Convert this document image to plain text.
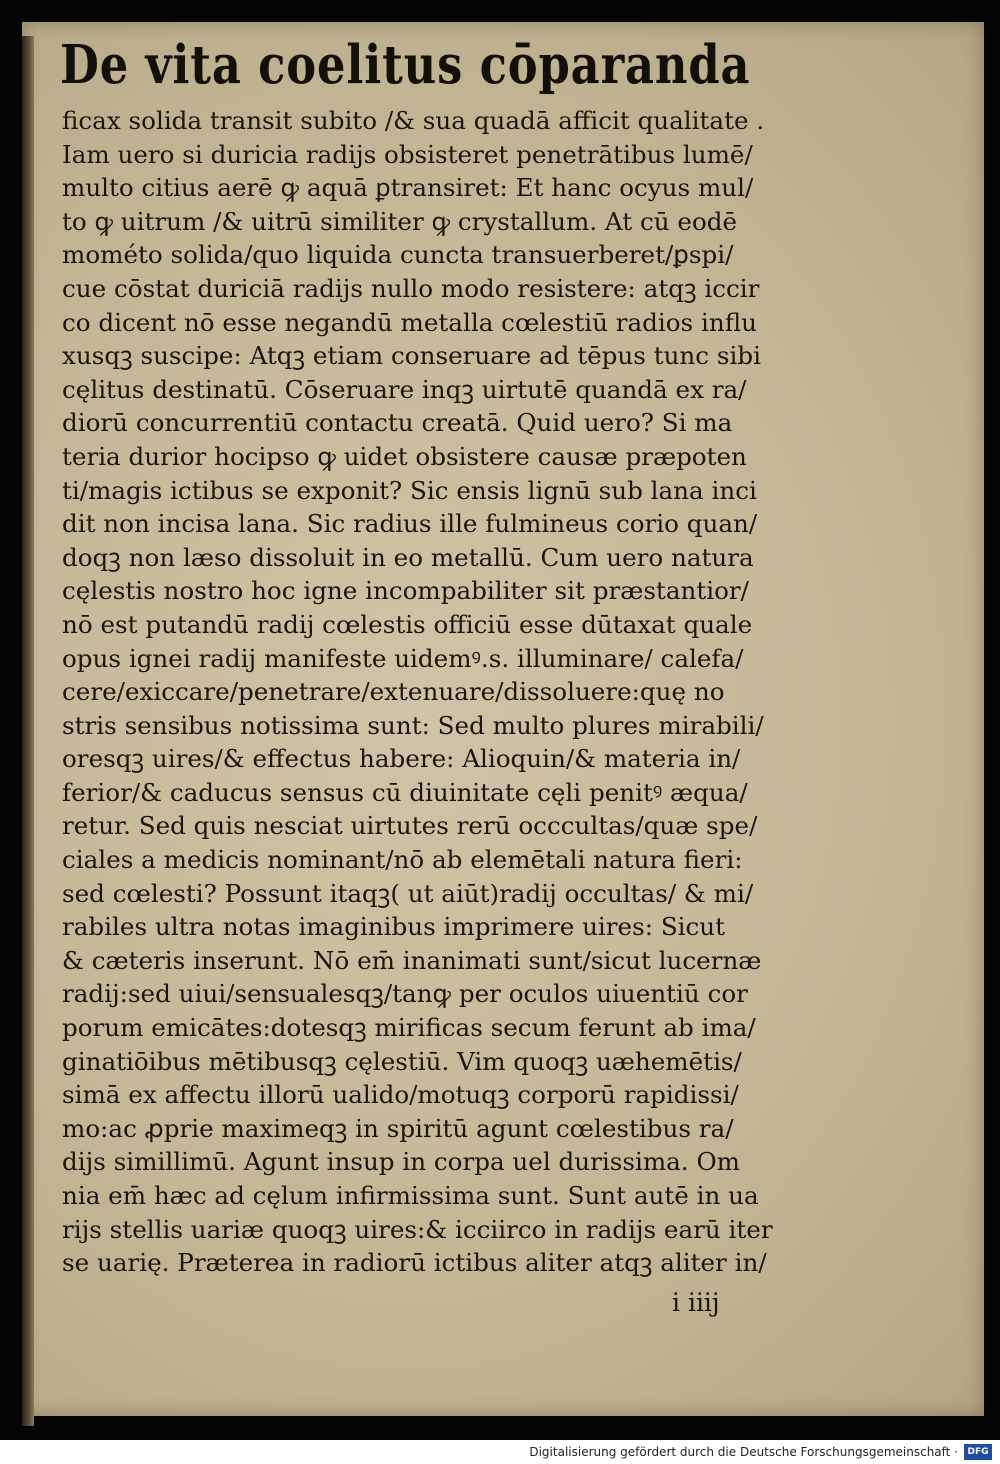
De vita coelitus cōparanda
ficax solida transit subito /& sua quadā afficit qualitate .
Iam uero si duricia radijs obsisteret penetrātibus lumē/
multo citius aerē ꝙ aquā ꝑtransiret: Et hanc ocyus mul/
to ꝙ uitrum /& uitrū similiter ꝙ crystallum. At cū eodē
mométo solida/quo liquida cuncta transuerberet/ꝑspi/
cue cōstat duriciā radijs nullo modo resistere: atqꝫ iccir
co dicent nō esse negandū metalla cœlestiū radios influ
xusqꝫ suscipe: Atqꝫ etiam conseruare ad tēpus tunc sibi
cęlitus destinatū. Cōseruare inqꝫ uirtutē quandā ex ra/
diorū concurrentiū contactu creatā. Quid uero? Si ma
teria durior hocipso ꝙ uidet obsistere causæ præpoten
ti/magis ictibus se exponit? Sic ensis lignū sub lana inci
dit non incisa lana. Sic radius ille fulmineus corio quan/
doqꝫ non læso dissoluit in eo metallū. Cum uero natura
cęlestis nostro hoc igne incompabiliter sit præstantior/
nō est putandū radij cœlestis officiū esse dūtaxat quale
opus ignei radij manifeste uidemꝰ.s. illuminare/ calefa/
cere/exiccare/penetrare/extenuare/dissoluere:quę no
stris sensibus notissima sunt: Sed multo plures mirabili/
oresqꝫ uires/& effectus habere: Alioquin/& materia in/
ferior/& caducus sensus cū diuinitate cęli penitꝰ æqua/
retur. Sed quis nesciat uirtutes rerū occcultas/quæ spe/
ciales a medicis nominant/nō ab elemētali natura fieri:
sed cœlesti? Possunt itaqꝫ( ut aiūt)radij occultas/ & mi/
rabiles ultra notas imaginibus imprimere uires: Sicut
& cæteris inserunt. Nō em̄ inanimati sunt/sicut lucernæ
radij:sed uiui/sensualesqꝫ/tanꝙ per oculos uiuentiū cor
porum emicātes:dotesqꝫ mirificas secum ferunt ab ima/
ginatiōibus mētibusqꝫ cęlestiū. Vim quoqꝫ uæhemētis/
simā ex affectu illorū ualido/motuqꝫ corporū rapidissi/
mo:ac ꝓprie maximeqꝫ in spiritū agunt cœlestibus ra/
dijs simillimū. Agunt insup in corpa uel durissima. Om
nia em̄ hæc ad cęlum infirmissima sunt. Sunt autē in ua
rijs stellis uariæ quoqꝫ uires:& icciirco in radijs earū iter
se uarię. Præterea in radiorū ictibus aliter atqꝫ aliter in/
i iiij
Digitalisierung gefördert durch die Deutsche Forschungsgemeinschaft ·	DFG
